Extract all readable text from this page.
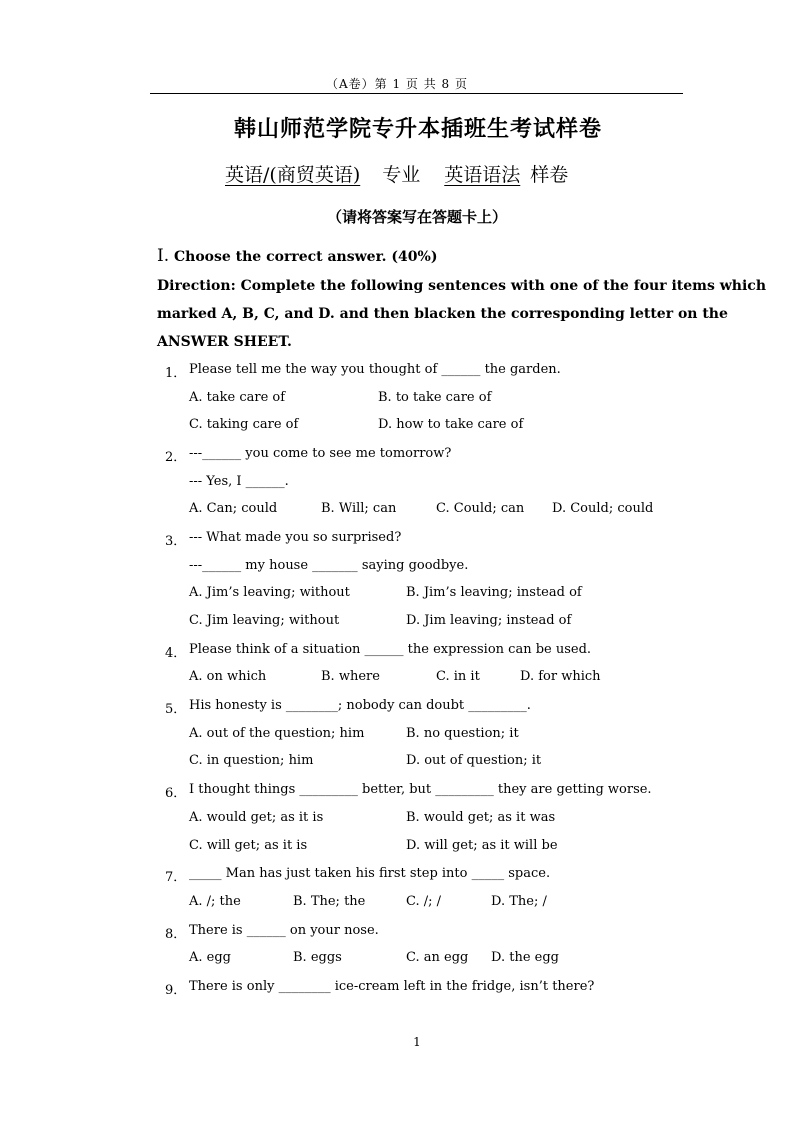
（A卷）第 1 页 共 8 页
韩山师范学院专升本插班生考试样卷
英语/(商贸英语) 专业 英语语法 样卷
（请将答案写在答题卡上）
Ⅰ. Choose the correct answer. (40%)
Direction: Complete the following sentences with one of the four items which
marked A, B, C, and D. and then blacken the corresponding letter on the
ANSWER SHEET.
1． Please tell me the way you thought of ______ the garden.
A. take care of	B. to take care of
C. taking care of	D. how to take care of
2． ---______ you come to see me tomorrow?
--- Yes, I ______.
A. Can; could	B. Will; can	C. Could; can D. Could; could
3． --- What made you so surprised?
---______ my house _______ saying goodbye.
A. Jim’s leaving; without	B. Jim’s leaving; instead of
C. Jim leaving; without	D. Jim leaving; instead of
4． Please think of a situation ______ the expression can be used.
A. on which	B. where	C. in it	D. for which
5． His honesty is ________; nobody can doubt _________.
A. out of the question; him	B. no question; it
C. in question; him	D. out of question; it
6． I thought things _________ better, but _________ they are getting worse.
A. would get; as it is	B. would get; as it was
C. will get; as it is	D. will get; as it will be
7． _____ Man has just taken his first step into _____ space.
A. /; the	B. The; the	C. /; /	D. The; /
8． There is ______ on your nose.
A. egg	B. eggs	C. an egg D. the egg
9． There is only ________ ice-cream left in the fridge, isn’t there?
1
